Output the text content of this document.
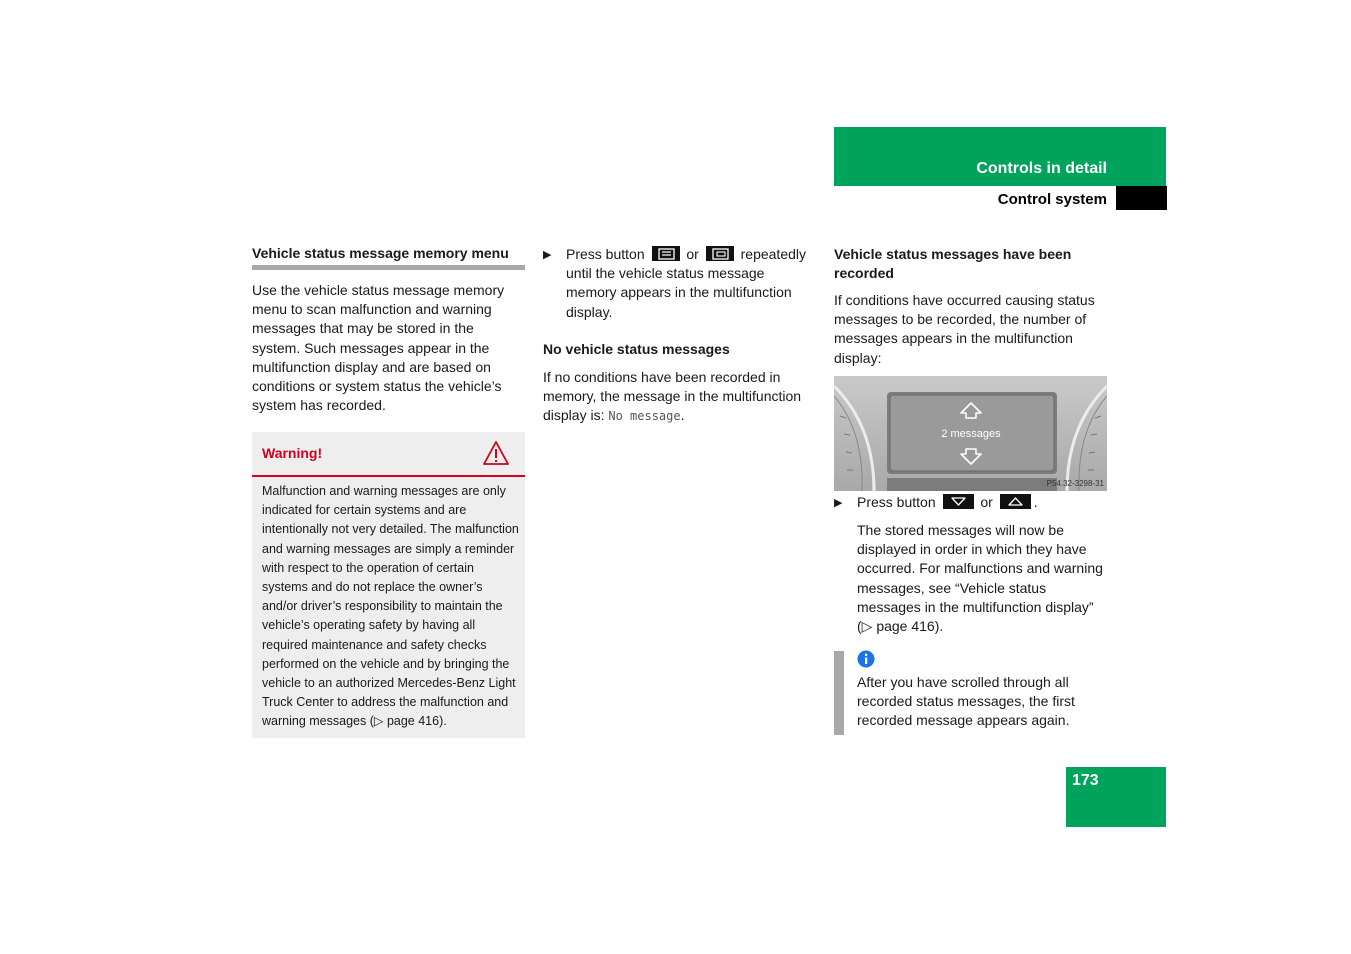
Controls in detail
Control system
Vehicle status message memory menu
Use the vehicle status message memory menu to scan malfunction and warning messages that may be stored in the system. Such messages appear in the multifunction display and are based on conditions or system status the vehicle’s system has recorded.
Warning!
Malfunction and warning messages are only indicated for certain systems and are intentionally not very detailed. The malfunction and warning messages are simply a reminder with respect to the operation of certain systems and do not replace the owner’s and/or driver’s responsibility to maintain the vehicle’s operating safety by having all required maintenance and safety checks performed on the vehicle and by bringing the vehicle to an authorized Mercedes-Benz Light Truck Center to address the malfunction and warning messages (▷ page 416).
▶ Press button	or	repeatedly until the vehicle status message memory appears in the multifunction display.
No vehicle status messages
If no conditions have been recorded in memory, the message in the multifunction display is: No message.
Vehicle status messages have been recorded
If conditions have occurred causing status messages to be recorded, the number of messages appears in the multifunction display:
2 messages
P54.32-3298-31
▶ Press button	or	.
The stored messages will now be displayed in order in which they have occurred. For malfunctions and warning messages, see “Vehicle status messages in the multifunction display” (▷ page 416).
After you have scrolled through all recorded status messages, the first recorded message appears again.
173
